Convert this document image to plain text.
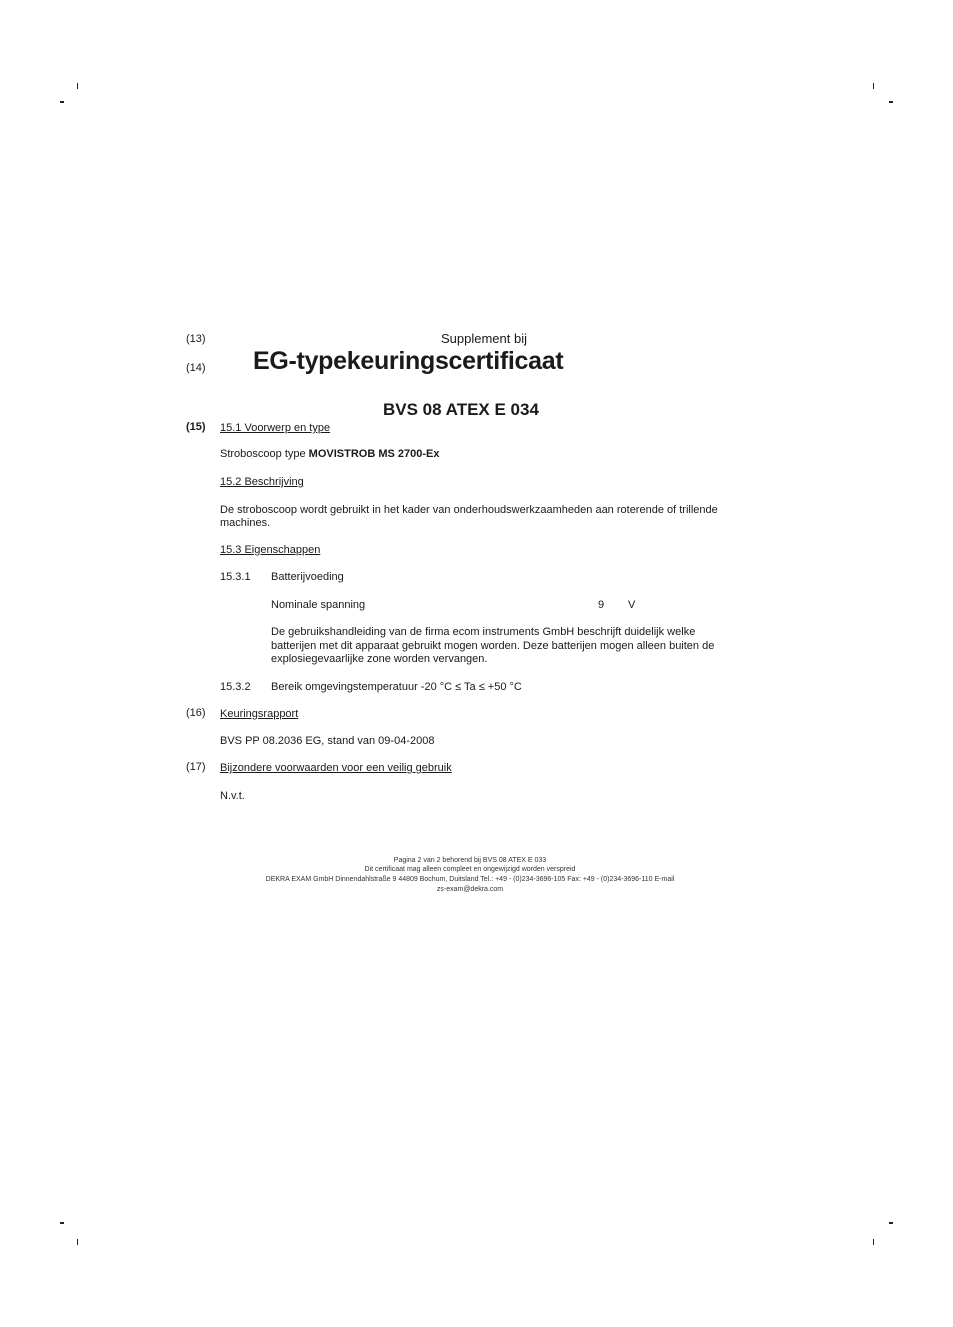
(13)	Supplement bij
(14) EG-typekeuringscertificaat
BVS 08 ATEX E 034
(15) 15.1 Voorwerp en type
Stroboscoop type MOVISTROB MS 2700-Ex
15.2 Beschrijving
De stroboscoop wordt gebruikt in het kader van onderhoudswerkzaamheden aan roterende of trillende
machines.
15.3 Eigenschappen
15.3.1 Batterijvoeding
Nominale spanning	9 V
De gebruikshandleiding van de firma ecom instruments GmbH beschrijft duidelijk welke
batterijen met dit apparaat gebruikt mogen worden. Deze batterijen mogen alleen buiten de
explosiegevaarlijke zone worden vervangen.
15.3.2 Bereik omgevingstemperatuur -20 °C ≤ Ta ≤ +50 °C
(16) Keuringsrapport
BVS PP 08.2036 EG, stand van 09-04-2008
(17) Bijzondere voorwaarden voor een veilig gebruik
N.v.t.
Pagina 2 van 2 behorend bij BVS 08 ATEX E 033
Dit certificaat mag alleen compleet en ongewijzigd worden verspreid
DEKRA EXAM GmbH Dinnendahlstraße 9 44809 Bochum, Duitsland Tel.: +49 - (0)234-3696-105 Fax: +49 - (0)234-3696-110 E-mail
zs-exam@dekra.com
